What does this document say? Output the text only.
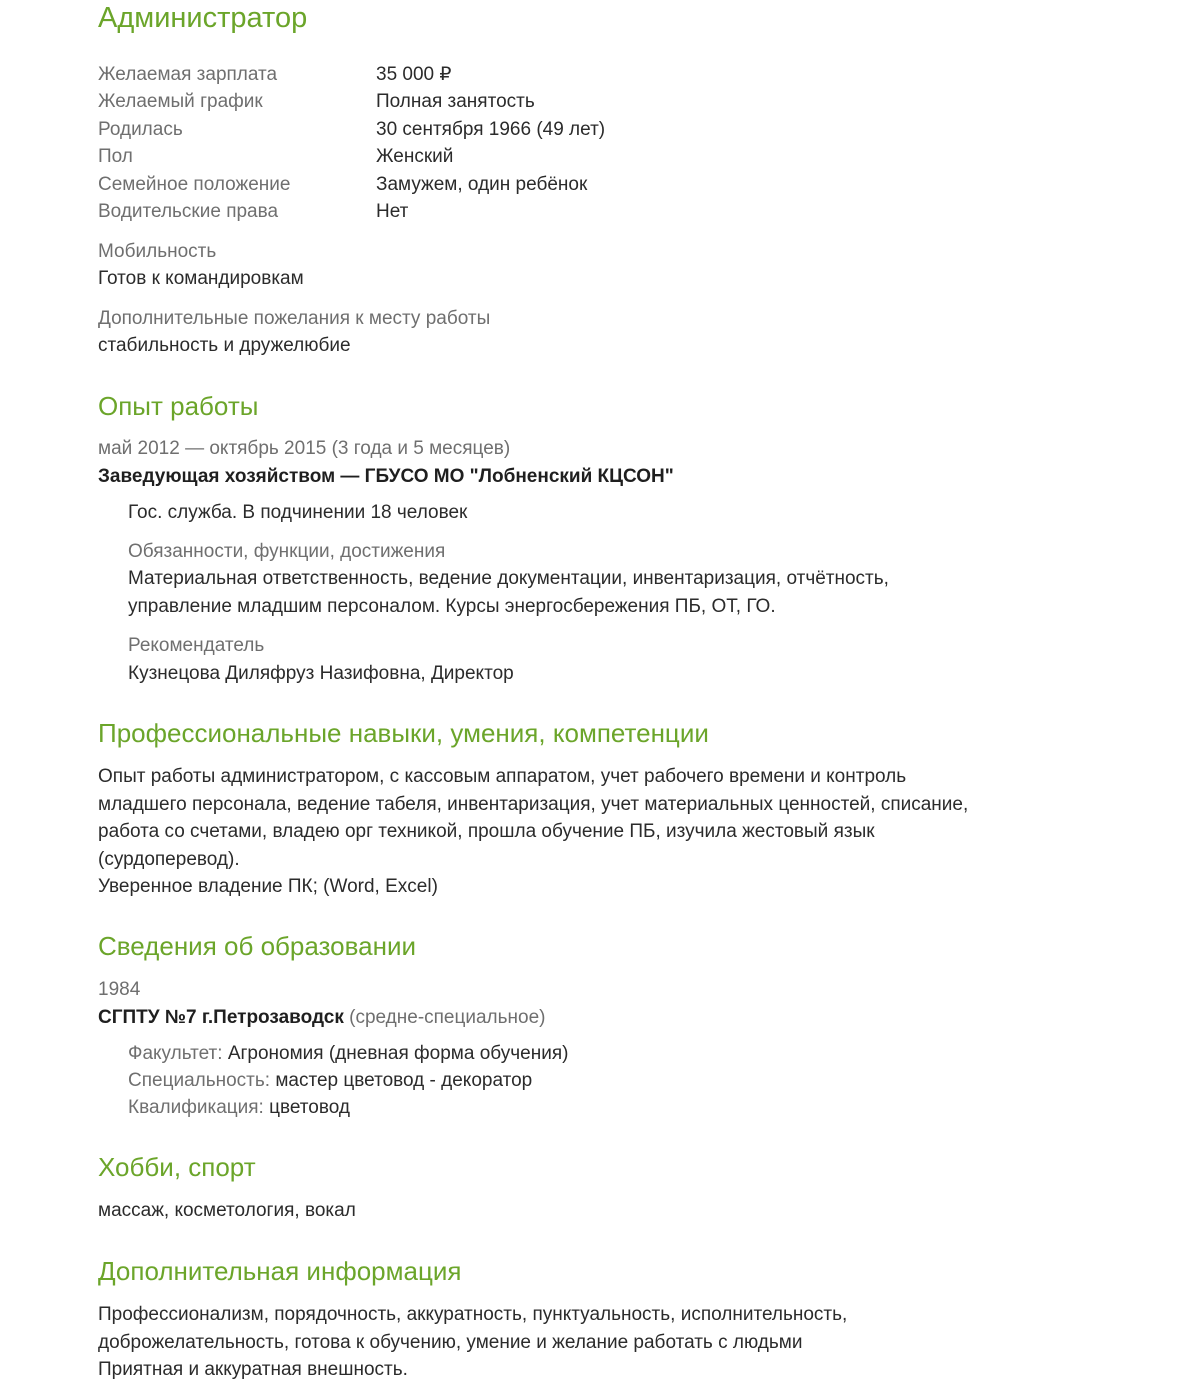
Администратор
Желаемая зарплата	35 000 ₽
Желаемый график	Полная занятость
Родилась	30 сентября 1966 (49 лет)
Пол	Женский
Семейное положение	Замужем, один ребёнок
Водительские права	Нет
Мобильность
Готов к командировкам
Дополнительные пожелания к месту работы
стабильность и дружелюбие
Опыт работы
май 2012 — октябрь 2015 (3 года и 5 месяцев)
Заведующая хозяйством — ГБУСО МО "Лобненский КЦСОН"
Гос. служба. В подчинении 18 человек
Обязанности, функции, достижения
Материальная ответственность, ведение документации, инвентаризация, отчётность,
управление младшим персоналом. Курсы энергосбережения ПБ, ОТ, ГО.
Рекомендатель
Кузнецова Диляфруз Назифовна, Директор
Профессиональные навыки, умения, компетенции
Опыт работы администратором, с кассовым аппаратом, учет рабочего времени и контроль
младшего персонала, ведение табеля, инвентаризация, учет материальных ценностей, списание,
работа со счетами, владею орг техникой, прошла обучение ПБ, изучила жестовый язык
(сурдоперевод).
Уверенное владение ПК; (Word, Excel)
Сведения об образовании
1984
СГПТУ №7 г.Петрозаводск (средне-специальное)
Факультет: Агрономия (дневная форма обучения)
Специальность: мастер цветовод - декоратор
Квалификация: цветовод
Хобби, спорт
массаж, косметология, вокал
Дополнительная информация
Профессионализм, порядочность, аккуратность, пунктуальность, исполнительность,
доброжелательность, готова к обучению, умение и желание работать с людьми
Приятная и аккуратная внешность.
